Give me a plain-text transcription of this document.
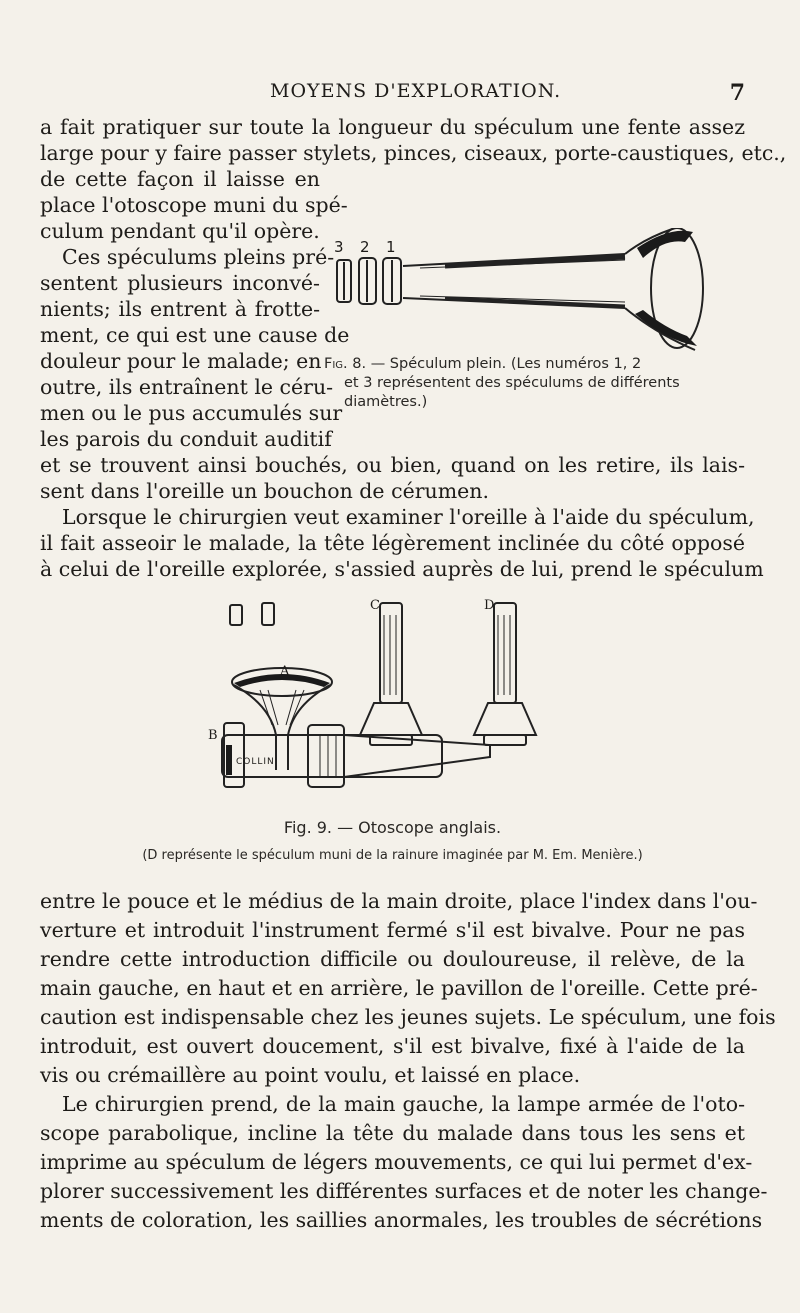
MOYENS D'EXPLORATION.	7
a fait pratiquer sur toute la longueur du spéculum une fente assez
large pour y faire passer stylets, pinces, ciseaux, porte-caustiques, etc.,
de cette façon il laisse en
place l'otoscope muni du spé-
culum pendant qu'il opère.
Ces spéculums pleins pré-
sentent plusieurs inconvé-
nients; ils entrent à frotte-
ment, ce qui est une cause de
douleur pour le malade; en
outre, ils entraînent le céru-
men ou le pus accumulés sur
les parois du conduit auditif
et se trouvent ainsi bouchés, ou bien, quand on les retire, ils lais-
sent dans l'oreille un bouchon de cérumen.
Lorsque le chirurgien veut examiner l'oreille à l'aide du spéculum,
il fait asseoir le malade, la tête légèrement inclinée du côté opposé
à celui de l'oreille explorée, s'assied auprès de lui, prend le spéculum
3 2 1
Fig. 8. — Spéculum plein. (Les numéros 1, 2
et 3 représentent des spéculums de différents
diamètres.)
A
B
C	D
COLLIN
Fig. 9. — Otoscope anglais.
(D représente le spéculum muni de la rainure imaginée par M. Em. Menière.)
entre le pouce et le médius de la main droite, place l'index dans l'ou-
verture et introduit l'instrument fermé s'il est bivalve. Pour ne pas
rendre cette introduction difficile ou douloureuse, il relève, de la
main gauche, en haut et en arrière, le pavillon de l'oreille. Cette pré-
caution est indispensable chez les jeunes sujets. Le spéculum, une fois
introduit, est ouvert doucement, s'il est bivalve, fixé à l'aide de la
vis ou crémaillère au point voulu, et laissé en place.
Le chirurgien prend, de la main gauche, la lampe armée de l'oto-
scope parabolique, incline la tête du malade dans tous les sens et
imprime au spéculum de légers mouvements, ce qui lui permet d'ex-
plorer successivement les différentes surfaces et de noter les change-
ments de coloration, les saillies anormales, les troubles de sécrétions
